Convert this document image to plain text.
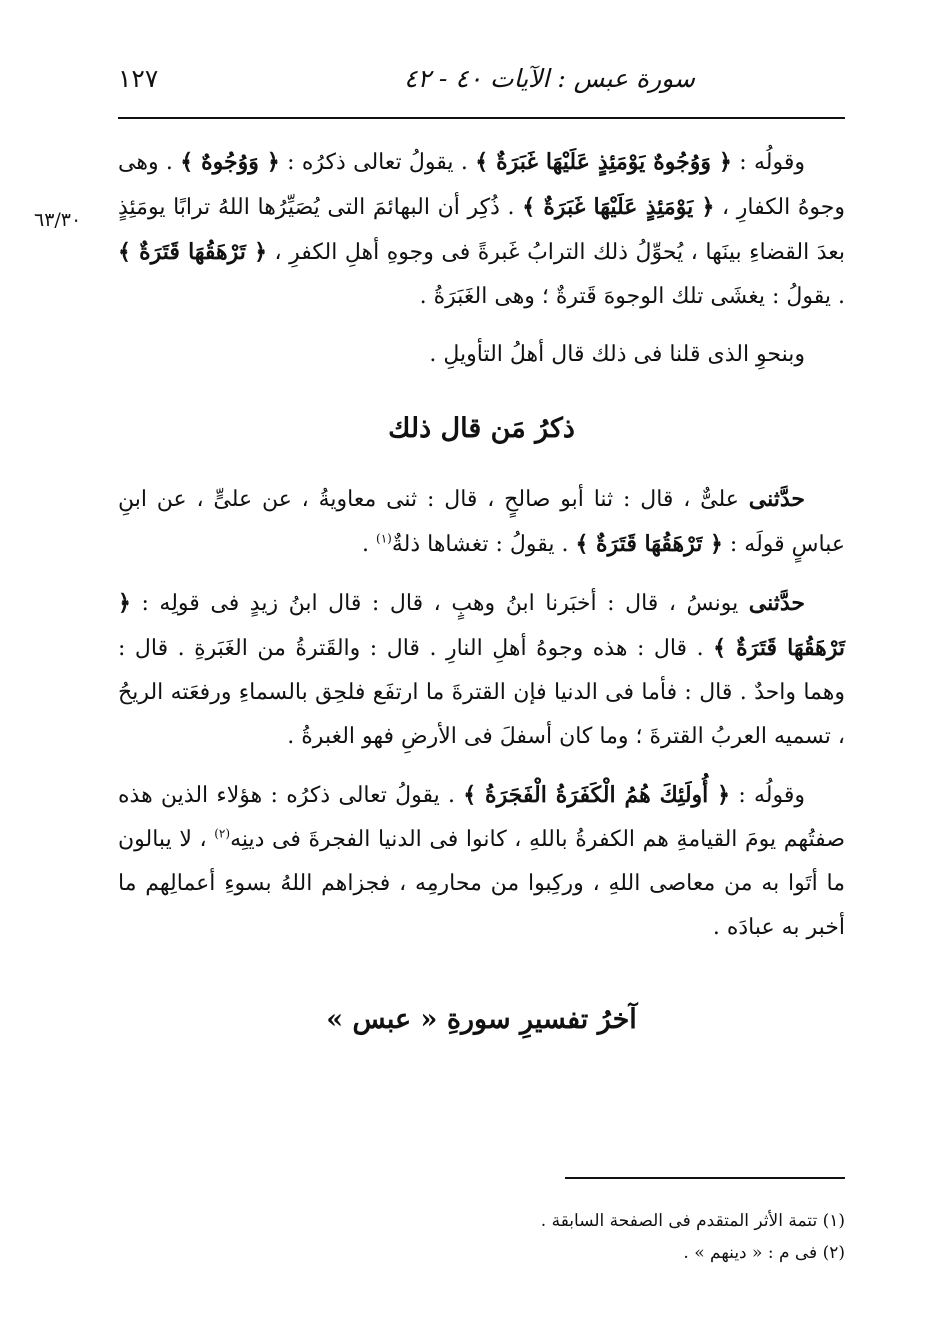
سورة عبس : الآيات ٤٠ - ٤٢
١٢٧
٦٣/٣٠

وقولُه : ﴿ وَوُجُوهٌ يَوْمَئِذٍ عَلَيْهَا غَبَرَةٌ ﴾ . يقولُ تعالى ذكرُه : ﴿ وَوُجُوهٌ ﴾ . وهى وجوهُ الكفارِ ، ﴿ يَوْمَئِذٍ عَلَيْهَا غَبَرَةٌ ﴾ . ذُكِر أن البهائمَ التى يُصَيِّرُها اللهُ ترابًا يومَئِذٍ بعدَ القضاءِ بينَها ، يُحوِّلُ ذلك الترابُ غَبرةً فى وجوهِ أهلِ الكفرِ ، ﴿ تَرْهَقُهَا قَتَرَةٌ ﴾ . يقولُ : يغشَى تلك الوجوهَ قَترةٌ ؛ وهى الغَبَرَةُ .

وبنحوِ الذى قلنا فى ذلك قال أهلُ التأويلِ .

ذكرُ مَن قال ذلك

حدَّثنى علىٌّ ، قال : ثنا أبو صالحٍ ، قال : ثنى معاويةُ ، عن علىٍّ ، عن ابنِ عباسٍ قولَه : ﴿ تَرْهَقُهَا قَتَرَةٌ ﴾ . يقولُ : تغشاها ذلةٌ$^{(١)}$ .

حدَّثنى يونسُ ، قال : أخبَرنا ابنُ وهبٍ ، قال : قال ابنُ زيدٍ فى قولِه : ﴿ تَرْهَقُهَا قَتَرَةٌ ﴾ . قال : هذه وجوهُ أهلِ النارِ . قال : والقَترةُ من الغَبَرةِ . قال : وهما واحدٌ . قال : فأما فى الدنيا فإن القترةَ ما ارتفَع فلحِق بالسماءِ ورفعَته الريحُ ، تسميه العربُ القترةَ ؛ وما كان أسفلَ فى الأرضِ فهو الغبرةُ .

وقولُه : ﴿ أُولَئِكَ هُمُ الْكَفَرَةُ الْفَجَرَةُ ﴾ . يقولُ تعالى ذكرُه : هؤلاء الذين هذه صفتُهم يومَ القيامةِ هم الكفرةُ باللهِ ، كانوا فى الدنيا الفجرةَ فى دينِه$^{(٢)}$ ، لا يبالون ما أتَوا به من معاصى اللهِ ، وركِبوا من محارمِه ، فجزاهم اللهُ بسوءِ أعمالِهم ما أخبر به عبادَه .

آخرُ تفسيرِ سورةِ « عبس »

(١) تتمة الأثر المتقدم فى الصفحة السابقة .

(٢) فى م : « دينهم » .
